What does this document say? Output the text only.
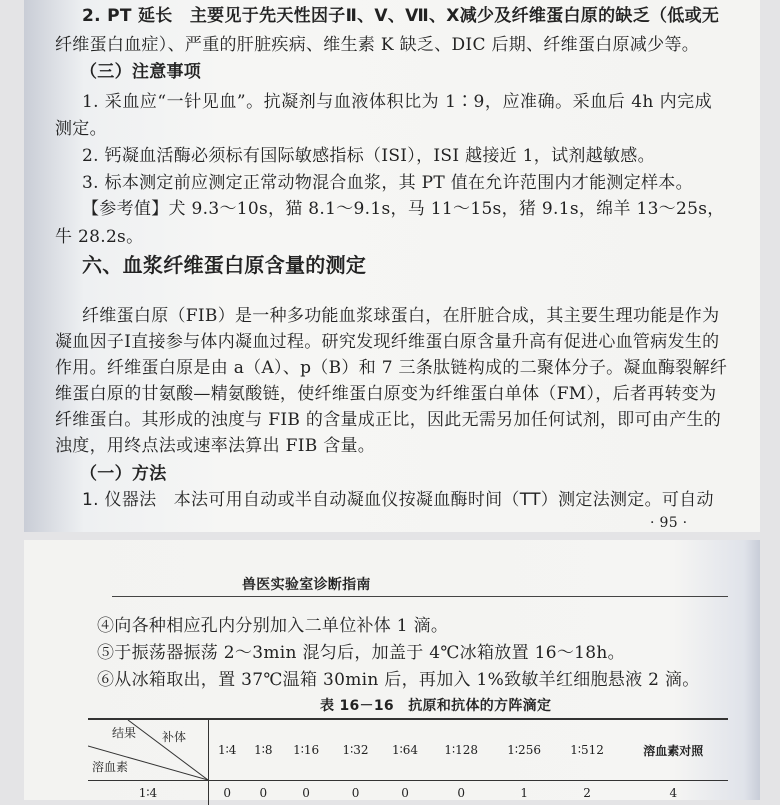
2. PT 延长　主要见于先天性因子Ⅱ、Ⅴ、Ⅶ、Ⅹ减少及纤维蛋白原的缺乏（低或无
纤维蛋白血症）、严重的肝脏疾病、维生素 K 缺乏、DIC 后期、纤维蛋白原减少等。
（三）注意事项
1. 采血应“一针见血”。抗凝剂与血液体积比为 1∶9，应准确。采血后 4h 内完成
测定。
2. 钙凝血活酶必须标有国际敏感指标（ISI），ISI 越接近 1，试剂越敏感。
3. 标本测定前应测定正常动物混合血浆，其 PT 值在允许范围内才能测定样本。
【参考值】犬 9.3～10s，猫 8.1～9.1s，马 11～15s，猪 9.1s，绵羊 13～25s，
牛 28.2s。
六、血浆纤维蛋白原含量的测定
纤维蛋白原（FIB）是一种多功能血浆球蛋白，在肝脏合成，其主要生理功能是作为
凝血因子Ⅰ直接参与体内凝血过程。研究发现纤维蛋白原含量升高有促进心血管病发生的
作用。纤维蛋白原是由 a（A）、p（B）和 7 三条肽链构成的二聚体分子。凝血酶裂解纤
维蛋白原的甘氨酸—精氨酸链，使纤维蛋白原变为纤维蛋白单体（FM），后者再转变为
纤维蛋白。其形成的浊度与 FIB 的含量成正比，因此无需另加任何试剂，即可由产生的
浊度，用终点法或速率法算出 FIB 含量。
（一）方法
1. 仪器法　本法可用自动或半自动凝血仪按凝血酶时间（TT）测定法测定。可自动
· 95 ·
兽医实验室诊断指南
④向各种相应孔内分别加入二单位补体 1 滴。
⑤于振荡器振荡 2～3min 混匀后，加盖于 4℃冰箱放置 16～18h。
⑥从冰箱取出，置 37℃温箱 30min 后，再加入 1%致敏羊红细胞悬液 2 滴。
表 16－16　抗原和抗体的方阵滴定
结果 补体
溶血素	1∶4	1∶8	1∶16	1∶32	1∶64	1∶128	1∶256	1∶512	溶血素对照
1∶4	0	0	0	0	0	0	1	2	4
